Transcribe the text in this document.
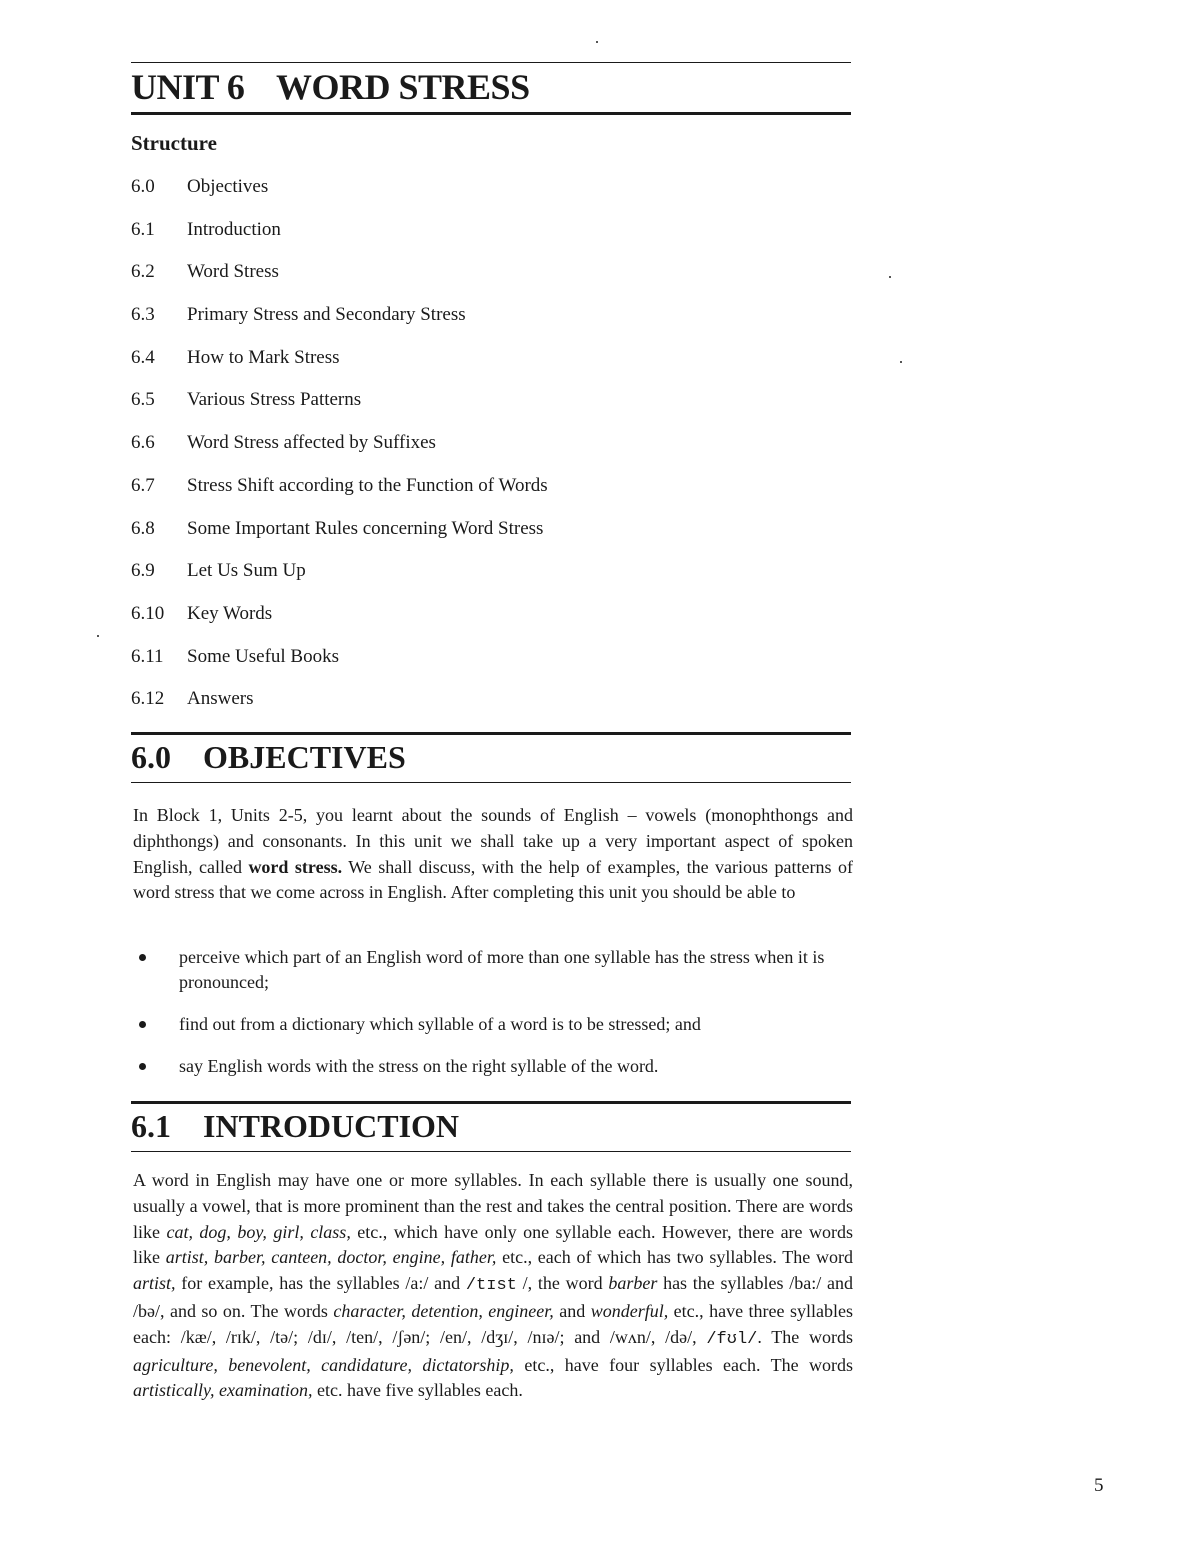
UNIT 6 WORD STRESS
Structure
6.0	Objectives
6.1	Introduction
6.2	Word Stress
6.3	Primary Stress and Secondary Stress
6.4	How to Mark Stress
6.5	Various Stress Patterns
6.6	Word Stress affected by Suffixes
6.7	Stress Shift according to the Function of Words
6.8	Some Important Rules concerning Word Stress
6.9	Let Us Sum Up
6.10	Key Words
6.11	Some Useful Books
6.12	Answers
6.0 OBJECTIVES

In Block 1, Units 2-5, you learnt about the sounds of English – vowels (monophthongs and diphthongs) and consonants. In this unit we shall take up a very important aspect of spoken English, called word stress. We shall discuss, with the help of examples, the various patterns of word stress that we come across in English. After completing this unit you should be able to

perceive which part of an English word of more than one syllable has the stress when it is pronounced;
find out from a dictionary which syllable of a word is to be stressed; and
say English words with the stress on the right syllable of the word.
6.1 INTRODUCTION

A word in English may have one or more syllables. In each syllable there is usually one sound, usually a vowel, that is more prominent than the rest and takes the central position. There are words like cat, dog, boy, girl, class, etc., which have only one syllable each. However, there are words like artist, barber, canteen, doctor, engine, father, etc., each of which has two syllables. The word artist, for example, has the syllables /a:/ and /tɪst /, the word barber has the syllables /ba:/ and /bə/, and so on. The words character, detention, engineer, and wonderful, etc., have three syllables each: /kæ/, /rɪk/, /tə/; /dɪ/, /ten/, /ʃən/; /en/, /dʒɪ/, /nɪə/; and /wʌn/, /də/, /fʊl/. The words agriculture, benevolent, candidature, dictatorship, etc., have four syllables each. The words artistically, examination, etc. have five syllables each.

5
